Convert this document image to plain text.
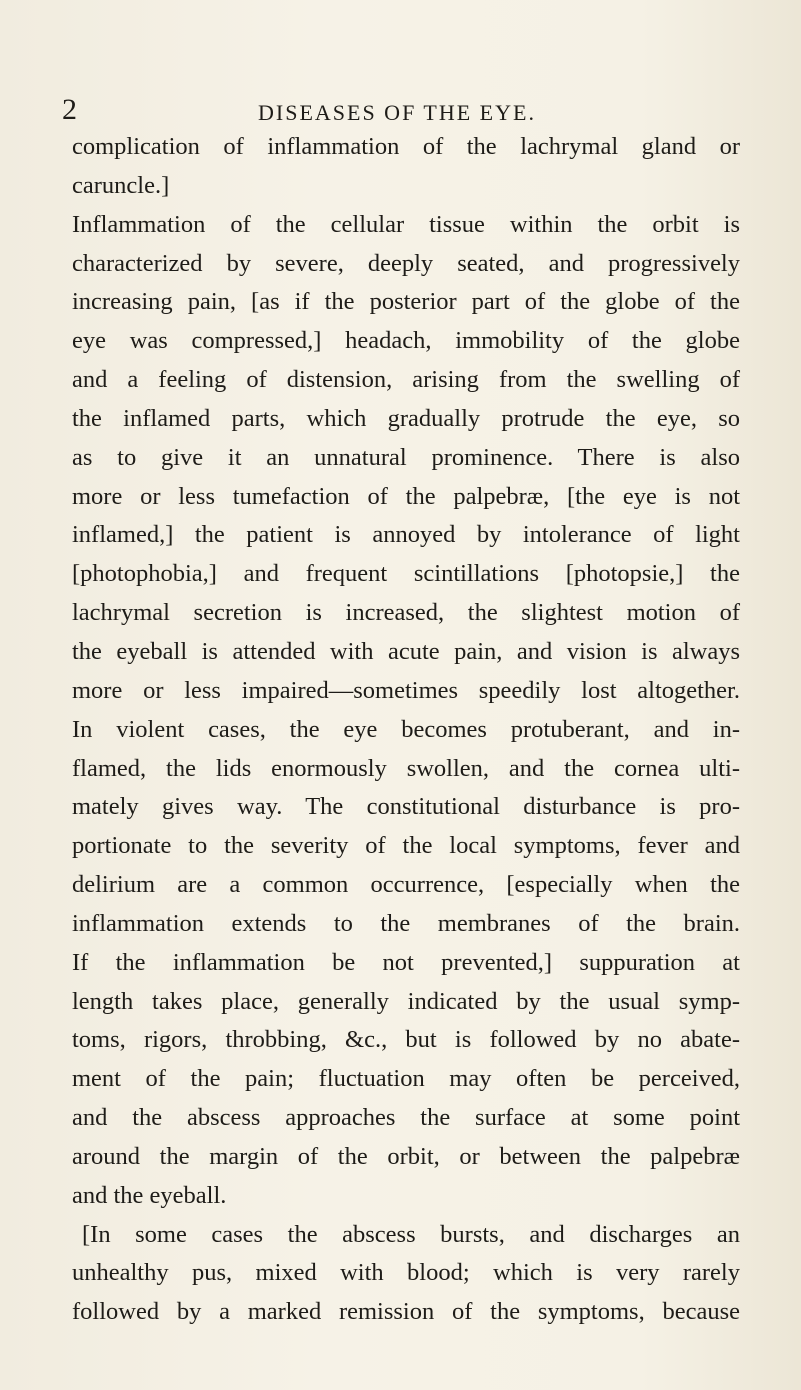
2	DISEASES OF THE EYE.
complication of inflammation of the lachrymal gland or
caruncle.]
Inflammation of the cellular tissue within the orbit is
characterized by severe, deeply seated, and progressively
increasing pain, [as if the posterior part of the globe of the
eye was compressed,] headach, immobility of the globe
and a feeling of distension, arising from the swelling of
the inflamed parts, which gradually protrude the eye, so
as to give it an unnatural prominence. There is also
more or less tumefaction of the palpebræ, [the eye is not
inflamed,] the patient is annoyed by intolerance of light
[photophobia,] and frequent scintillations [photopsie,] the
lachrymal secretion is increased, the slightest motion of
the eyeball is attended with acute pain, and vision is always
more or less impaired—sometimes speedily lost altogether.
In violent cases, the eye becomes protuberant, and in-
flamed, the lids enormously swollen, and the cornea ulti-
mately gives way. The constitutional disturbance is pro-
portionate to the severity of the local symptoms, fever and
delirium are a common occurrence, [especially when the
inflammation extends to the membranes of the brain.
If the inflammation be not prevented,] suppuration at
length takes place, generally indicated by the usual symp-
toms, rigors, throbbing, &c., but is followed by no abate-
ment of the pain; fluctuation may often be perceived,
and the abscess approaches the surface at some point
around the margin of the orbit, or between the palpebræ
and the eyeball.
[In some cases the abscess bursts, and discharges an
unhealthy pus, mixed with blood; which is very rarely
followed by a marked remission of the symptoms, because
